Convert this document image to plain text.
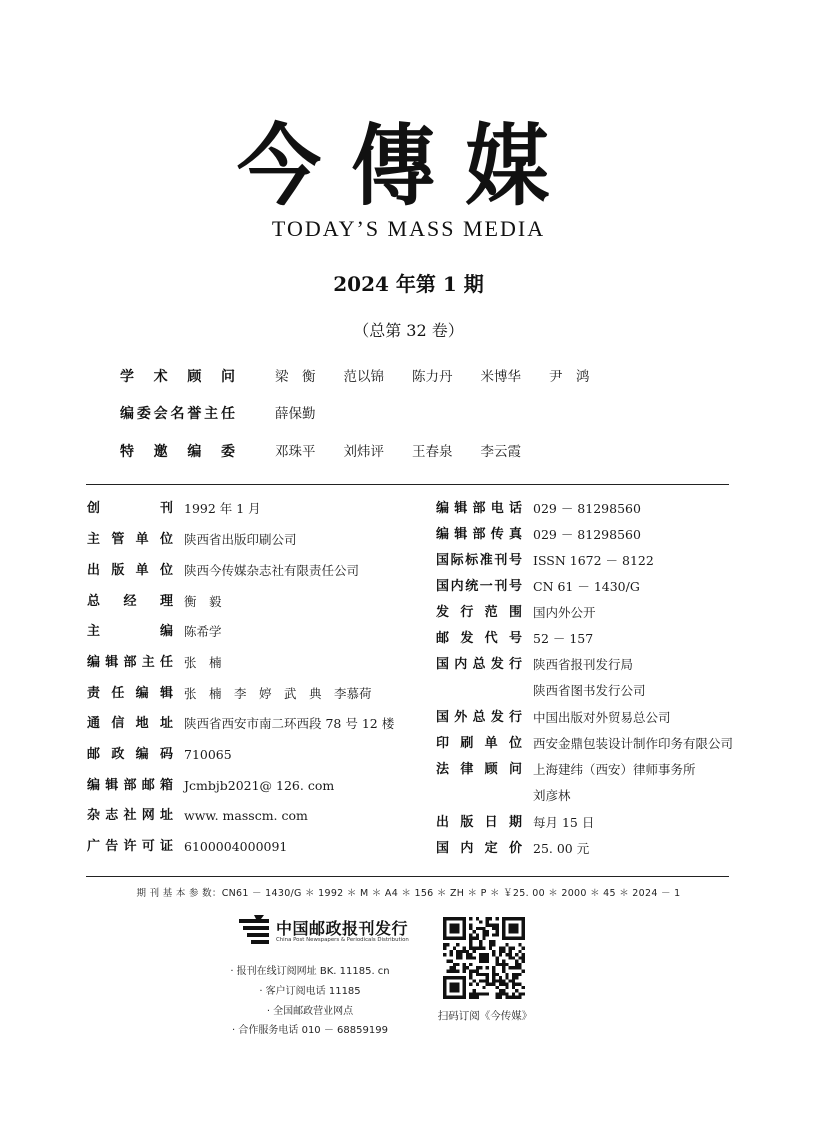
今傳媒
TODAY’S MASS MEDIA
2024 年第 1 期
（总第 32 卷）
学术顾问	梁　衡 范以锦 陈力丹 米博华 尹　鸿
编委会名誉主任	薛保勤
特邀编委	邓珠平 刘炜评 王春泉 李云霞
创刊 1992 年 1 月
主管单位 陕西省出版印刷公司
出版单位 陕西今传媒杂志社有限责任公司
总经理 衡　毅
主编 陈希学
编辑部主任 张　楠
责任编辑 张　楠　李　婷　武　典　李慕荷
通信地址 陕西省西安市南二环西段 78 号 12 楼
邮政编码 710065
编辑部邮箱 Jcmbjb2021@ 126. com
杂志社网址 www. masscm. com
广告许可证 6100004000091
编辑部电话 029 － 81298560
编辑部传真 029 － 81298560
国际标准刊号 ISSN 1672 － 8122
国内统一刊号 CN 61 － 1430/G
发行范围 国内外公开
邮发代号 52 － 157
国内总发行 陕西省报刊发行局
陕西省图书发行公司
国外总发行 中国出版对外贸易总公司
印刷单位 西安金鼎包装设计制作印务有限公司
法律顾问 上海建纬（西安）律师事务所
刘彦林
出版日期 每月 15 日
国内定价 25. 00 元
期 刊 基 本 参 数：CN61 － 1430/G ＊ 1992 ＊ M ＊ A4 ＊ 156 ＊ ZH ＊ P ＊ ￥25. 00 ＊ 2000 ＊ 45 ＊ 2024 － 1
中国邮政报刊发行
China Post Newspapers & Periodicals Distribution
· 报刊在线订阅网址 BK. 11185. cn
· 客户订阅电话 11185
· 全国邮政营业网点
· 合作服务电话 010 － 68859199
扫码订阅《今传媒》
